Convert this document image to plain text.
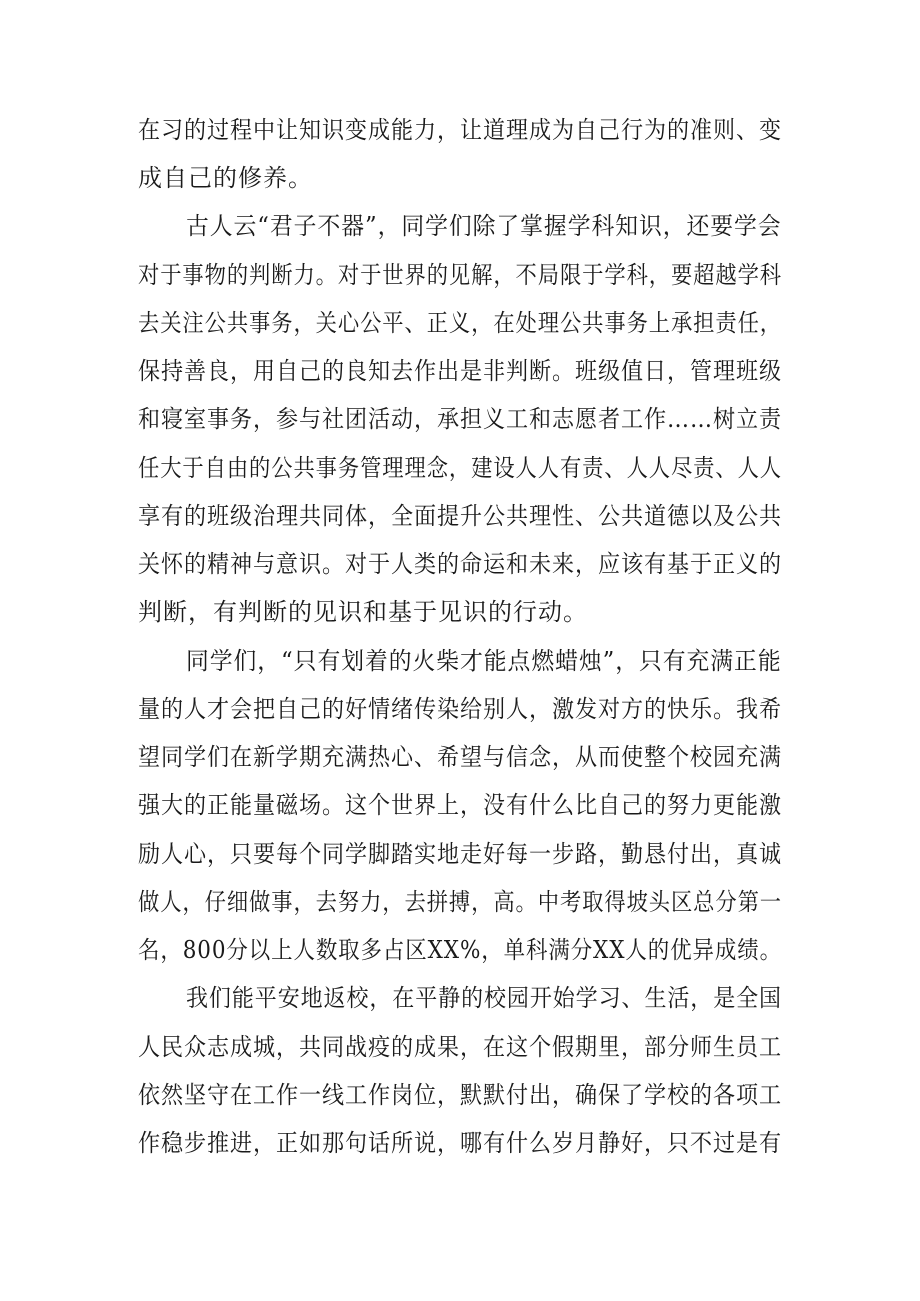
在习的过程中让知识变成能力，让道理成为自己行为的准则、变
成自己的修养。
古人云“君子不器”，同学们除了掌握学科知识，还要学会
对于事物的判断力。对于世界的见解，不局限于学科，要超越学科
去关注公共事务，关心公平、正义，在处理公共事务上承担责任，
保持善良，用自己的良知去作出是非判断。班级值日，管理班级
和寝室事务，参与社团活动，承担义工和志愿者工作……树立责
任大于自由的公共事务管理理念，建设人人有责、人人尽责、人人
享有的班级治理共同体，全面提升公共理性、公共道德以及公共
关怀的精神与意识。对于人类的命运和未来，应该有基于正义的
判断，有判断的见识和基于见识的行动。
同学们，“只有划着的火柴才能点燃蜡烛”，只有充满正能
量的人才会把自己的好情绪传染给别人，激发对方的快乐。我希
望同学们在新学期充满热心、希望与信念，从而使整个校园充满
强大的正能量磁场。这个世界上，没有什么比自己的努力更能激
励人心，只要每个同学脚踏实地走好每一步路，勤恳付出，真诚
做人，仔细做事，去努力，去拼搏，高。中考取得坡头区总分第一
名，800分以上人数取多占区XX%，单科满分XX人的优异成绩。
我们能平安地返校，在平静的校园开始学习、生活，是全国
人民众志成城，共同战疫的成果，在这个假期里，部分师生员工
依然坚守在工作一线工作岗位，默默付出，确保了学校的各项工
作稳步推进，正如那句话所说，哪有什么岁月静好，只不过是有
